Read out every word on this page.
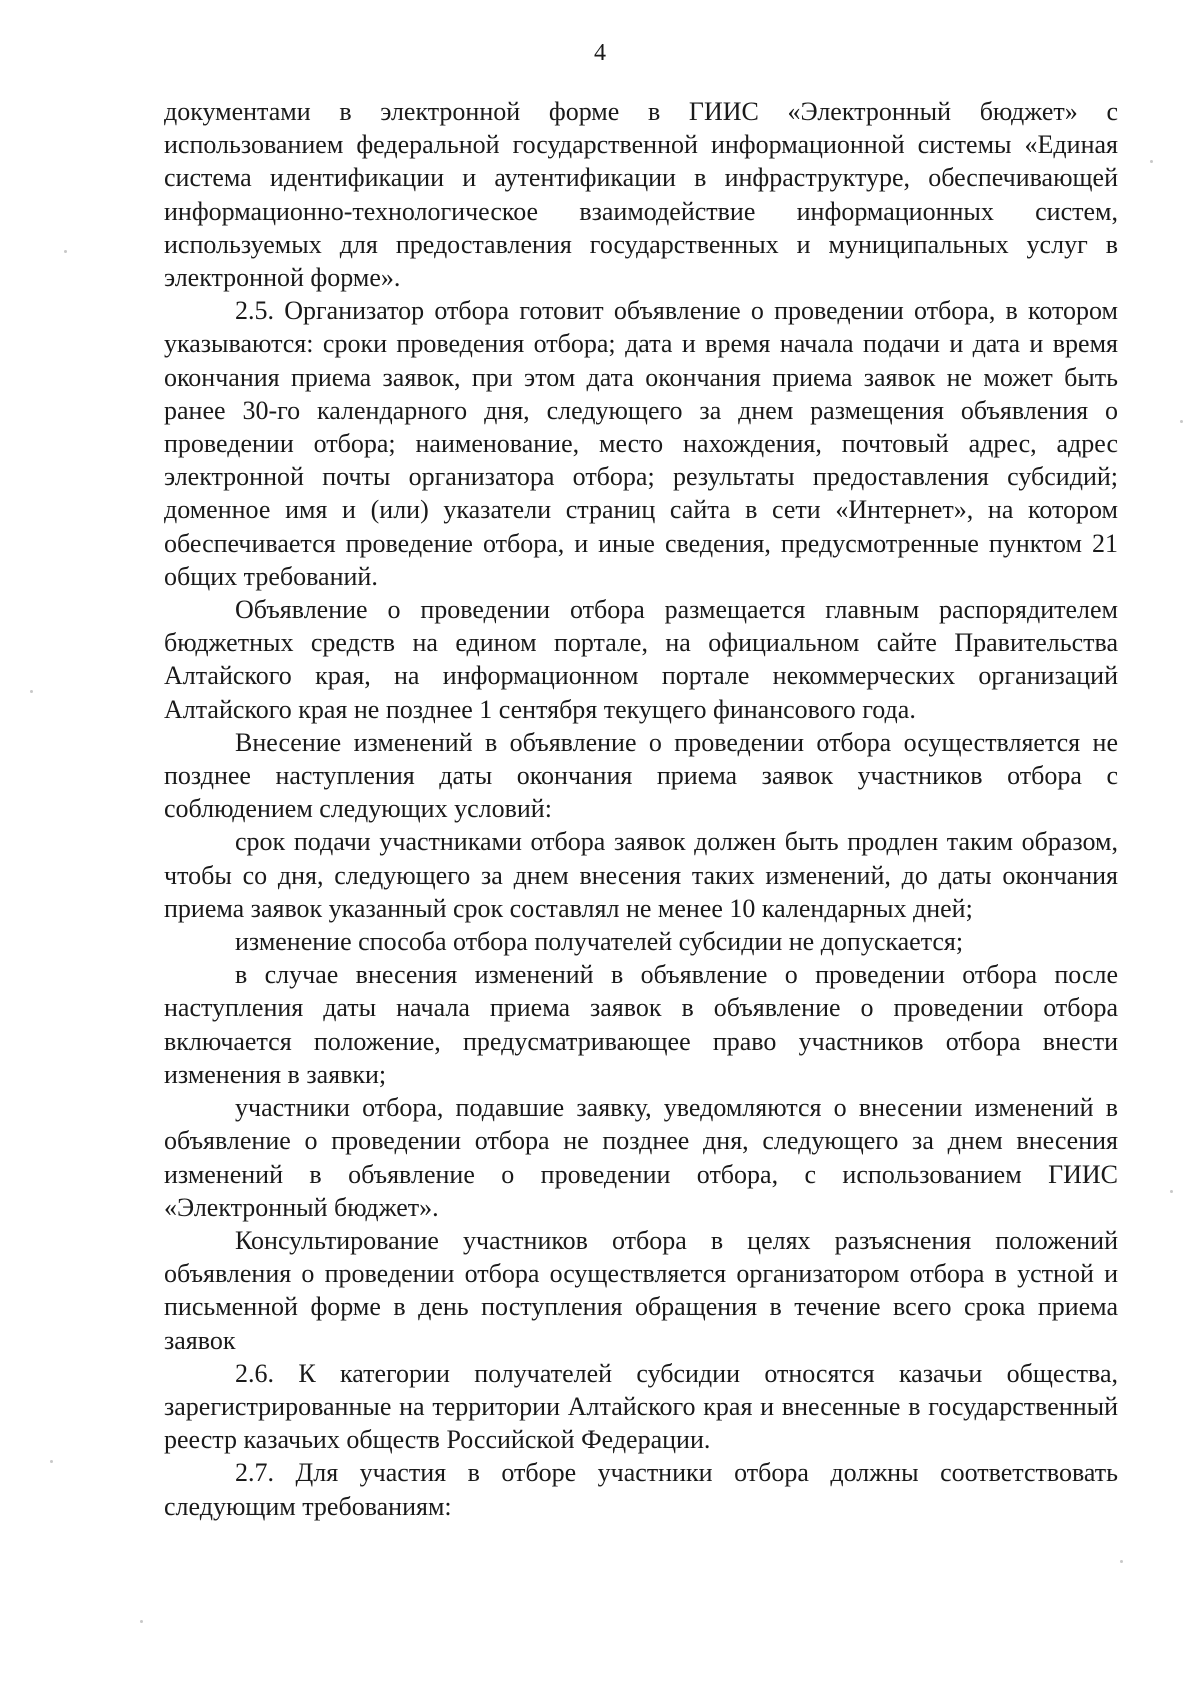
4

документами в электронной форме в ГИИС «Электронный бюджет» с использованием федеральной государственной информационной системы «Единая система идентификации и аутентификации в инфраструктуре, обеспечивающей информационно-технологическое взаимодействие информационных систем, используемых для предоставления государственных и муниципальных услуг в электронной форме».

2.5. Организатор отбора готовит объявление о проведении отбора, в котором указываются: сроки проведения отбора; дата и время начала подачи и дата и время окончания приема заявок, при этом дата окончания приема заявок не может быть ранее 30-го календарного дня, следующего за днем размещения объявления о проведении отбора; наименование, место нахождения, почтовый адрес, адрес электронной почты организатора отбора; результаты предоставления субсидий; доменное имя и (или) указатели страниц сайта в сети «Интернет», на котором обеспечивается проведение отбора, и иные сведения, предусмотренные пунктом 21 общих требований.

Объявление о проведении отбора размещается главным распорядителем бюджетных средств на едином портале, на официальном сайте Правительства Алтайского края, на информационном портале некоммерческих организаций Алтайского края не позднее 1 сентября текущего финансового года.

Внесение изменений в объявление о проведении отбора осуществляется не позднее наступления даты окончания приема заявок участников отбора с соблюдением следующих условий:

срок подачи участниками отбора заявок должен быть продлен таким образом, чтобы со дня, следующего за днем внесения таких изменений, до даты окончания приема заявок указанный срок составлял не менее 10 календарных дней;

изменение способа отбора получателей субсидии не допускается;

в случае внесения изменений в объявление о проведении отбора после наступления даты начала приема заявок в объявление о проведении отбора включается положение, предусматривающее право участников отбора внести изменения в заявки;

участники отбора, подавшие заявку, уведомляются о внесении изменений в объявление о проведении отбора не позднее дня, следующего за днем внесения изменений в объявление о проведении отбора, с использованием ГИИС «Электронный бюджет».

Консультирование участников отбора в целях разъяснения положений объявления о проведении отбора осуществляется организатором отбора в устной и письменной форме в день поступления обращения в течение всего срока приема заявок

2.6. К категории получателей субсидии относятся казачьи общества, зарегистрированные на территории Алтайского края и внесенные в государственный реестр казачьих обществ Российской Федерации.

2.7. Для участия в отборе участники отбора должны соответствовать следующим требованиям:
